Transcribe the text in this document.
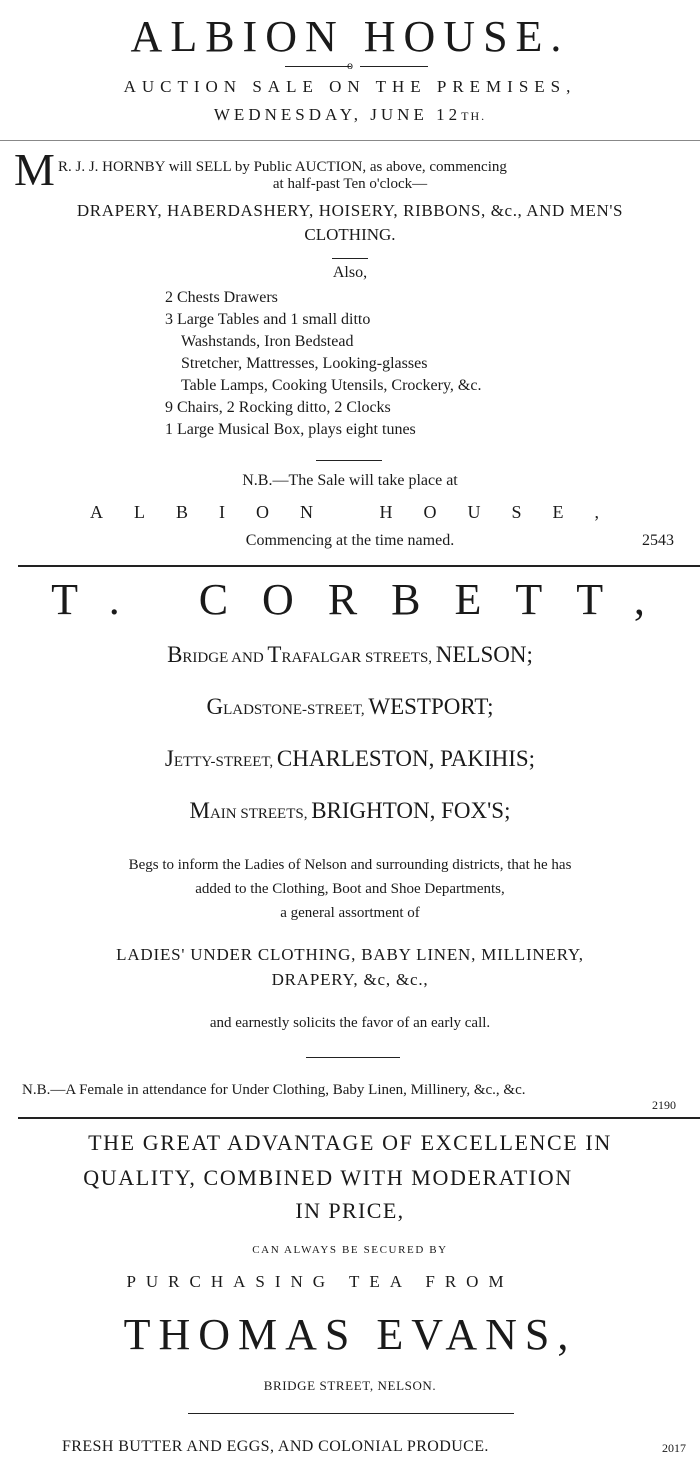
ALBION HOUSE.
o
AUCTION SALE ON THE PREMISES,
WEDNESDAY, JUNE 12TH.
M R. J. J. HORNBY will SELL by Public AUCTION, as above, commencing
at half-past Ten o'clock—
DRAPERY, HABERDASHERY, HOISERY, RIBBONS, &c., AND MEN'S
CLOTHING.
Also,
2 Chests Drawers
3 Large Tables and 1 small ditto
Washstands, Iron Bedstead
Stretcher, Mattresses, Looking-glasses
Table Lamps, Cooking Utensils, Crockery, &c.
9 Chairs, 2 Rocking ditto, 2 Clocks
1 Large Musical Box, plays eight tunes
N.B.—The Sale will take place at
ALBION HOUSE,
Commencing at the time named.	2543
T. CORBETT,
BRIDGE AND TRAFALGAR STREETS, NELSON;
GLADSTONE-STREET, WESTPORT;
JETTY-STREET, CHARLESTON, PAKIHIS;
MAIN STREETS, BRIGHTON, FOX'S;
Begs to inform the Ladies of Nelson and surrounding districts, that he has
added to the Clothing, Boot and Shoe Departments,
a general assortment of
LADIES' UNDER CLOTHING, BABY LINEN, MILLINERY,
DRAPERY, &c, &c.,
and earnestly solicits the favor of an early call.
N.B.—A Female in attendance for Under Clothing, Baby Linen, Millinery, &c., &c.
2190
THE GREAT ADVANTAGE OF EXCELLENCE IN
QUALITY, COMBINED WITH MODERATION
IN PRICE,
CAN ALWAYS BE SECURED BY
PURCHASING TEA FROM
THOMAS EVANS,
BRIDGE STREET, NELSON.
FRESH BUTTER AND EGGS, AND COLONIAL PRODUCE.	2017
